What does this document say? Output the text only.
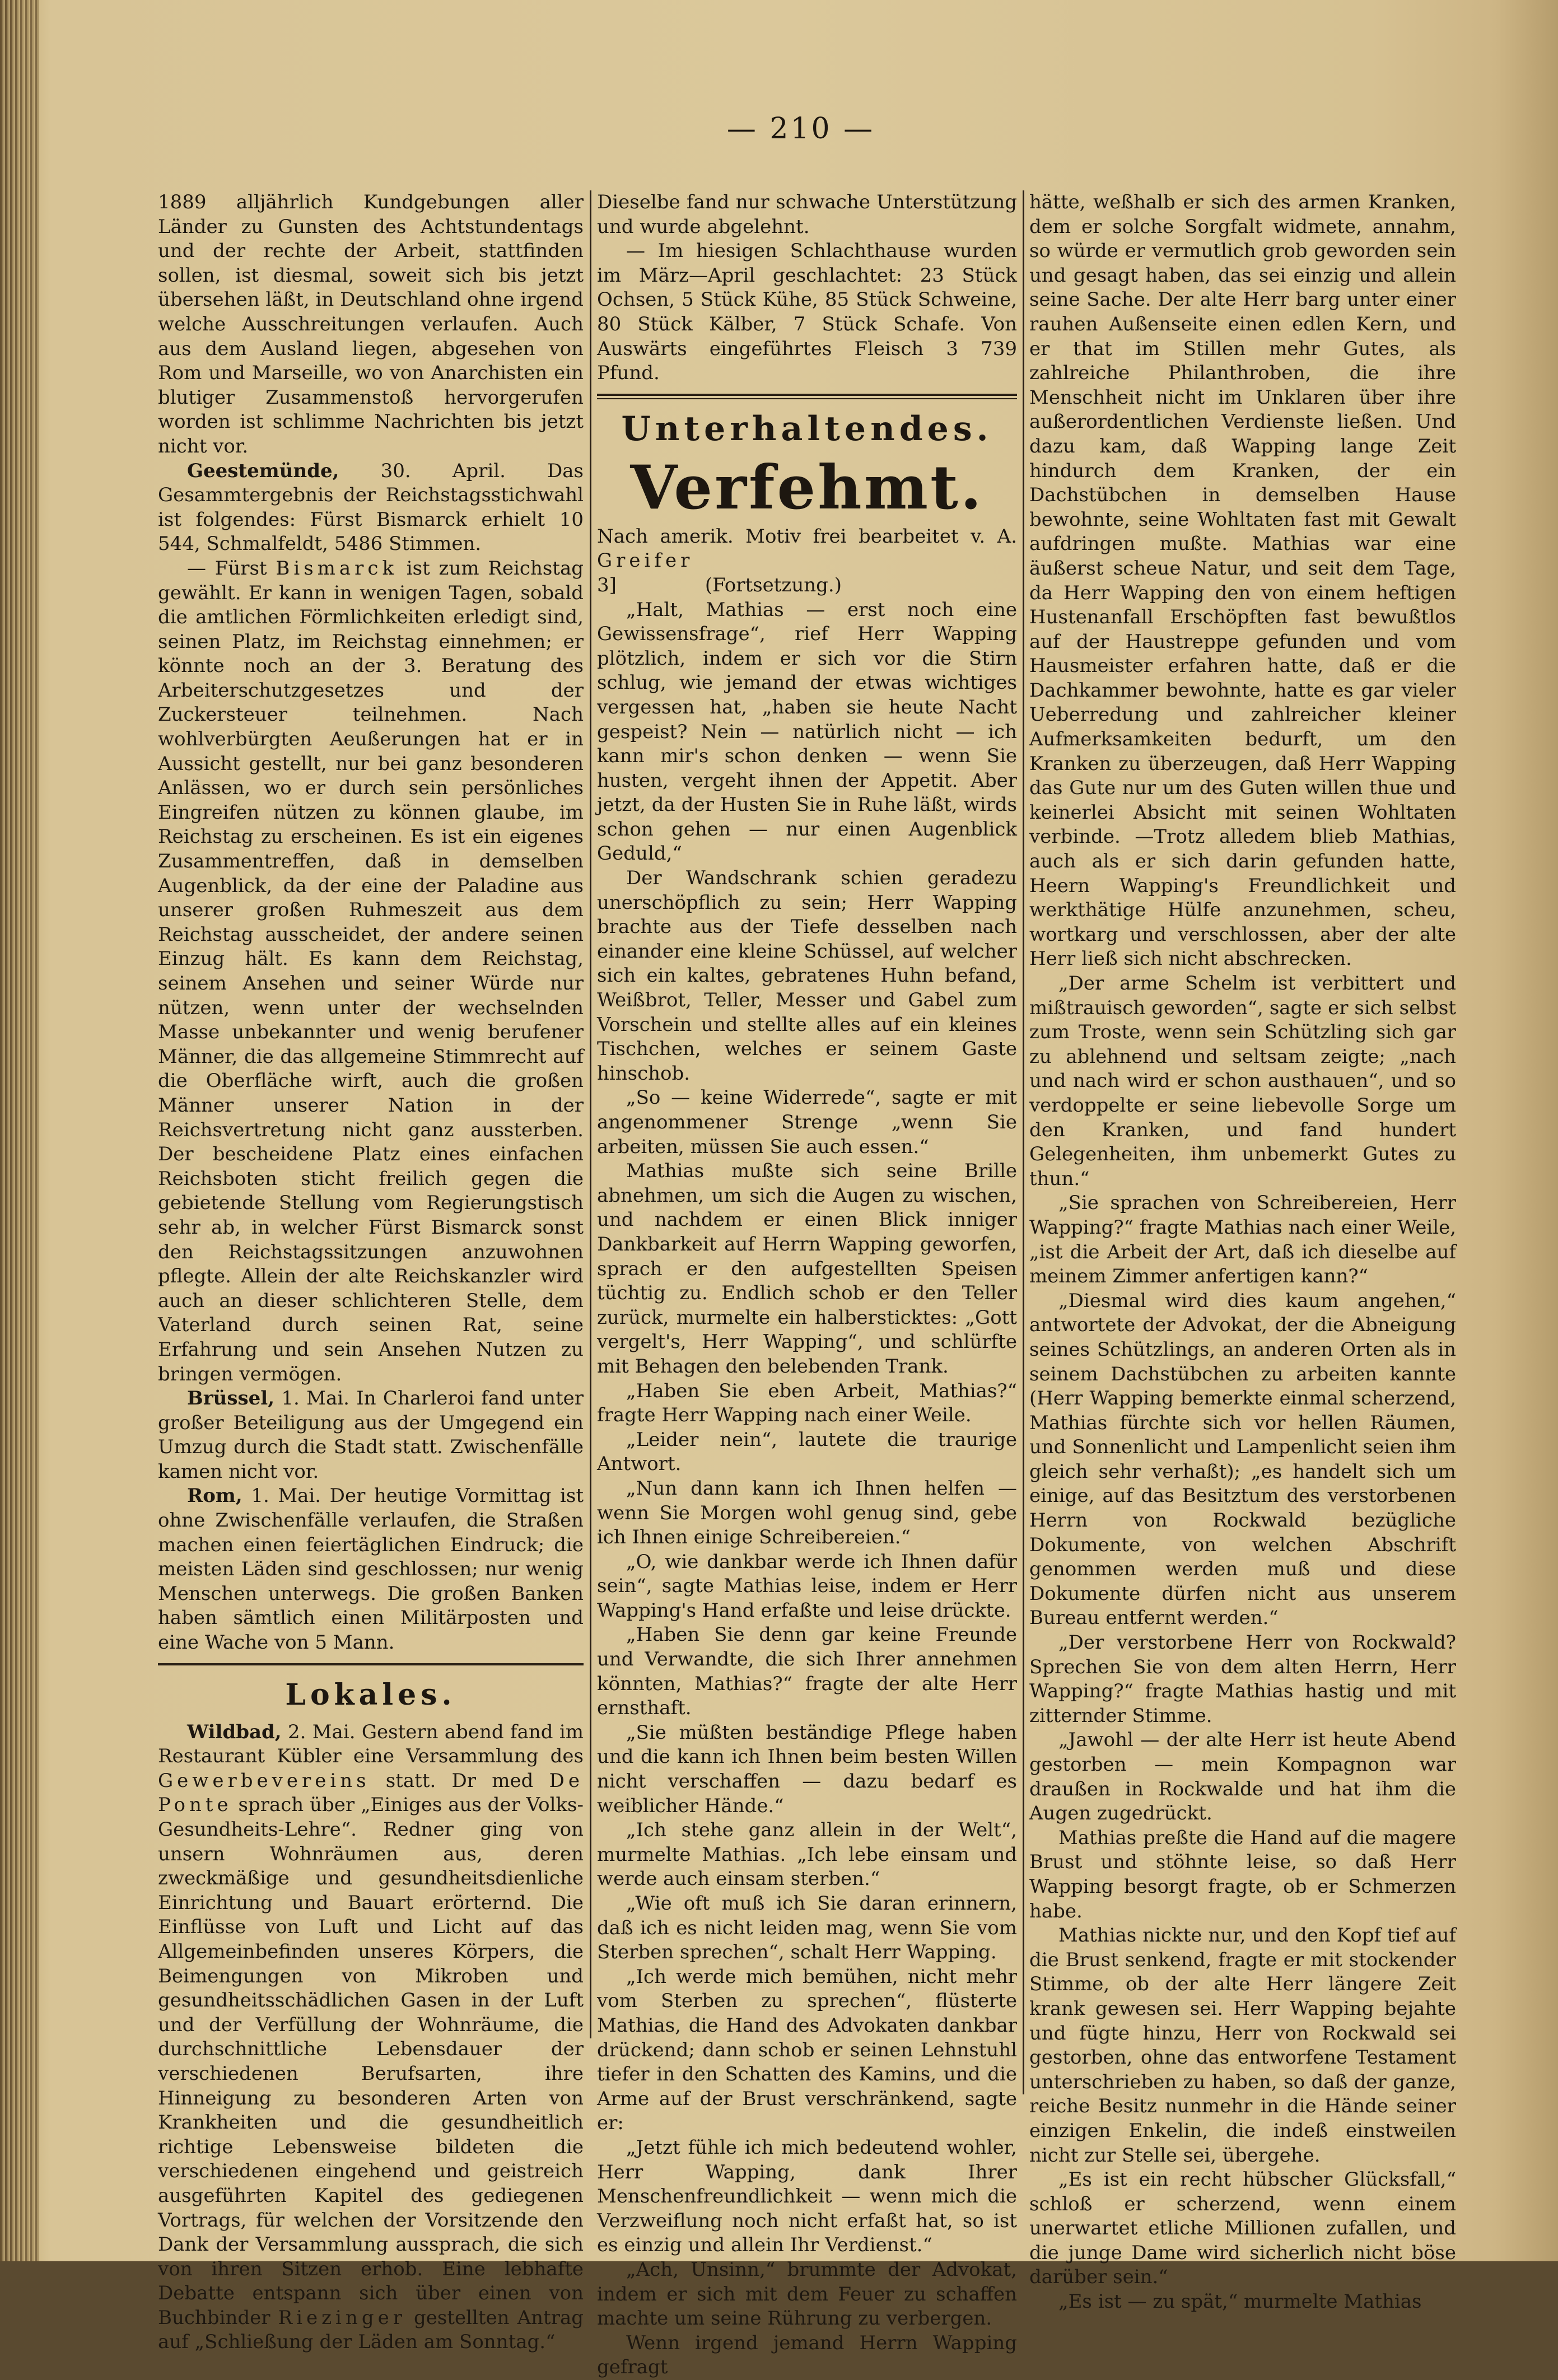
— 210 —

1889 alljährlich Kundgebungen aller Länder zu Gunsten des Achtstundentags und der rechte der Arbeit, stattfinden sollen, ist diesmal, soweit sich bis jetzt übersehen läßt, in Deutschland ohne irgend welche Ausschreitungen verlaufen. Auch aus dem Ausland liegen, abgesehen von Rom und Marseille, wo von Anarchisten ein blutiger Zusammenstoß hervorgerufen worden ist schlimme Nachrichten bis jetzt nicht vor.

Geestemünde, 30. April. Das Gesammtergebnis der Reichstagsstichwahl ist folgendes: Fürst Bismarck erhielt 10 544, Schmalfeldt, 5486 Stimmen.

— Fürst Bismarck ist zum Reichstag gewählt. Er kann in wenigen Tagen, sobald die amtlichen Förmlichkeiten erledigt sind, seinen Platz, im Reichstag einnehmen; er könnte noch an der 3. Beratung des Arbeiterschutzgesetzes und der Zuckersteuer teilnehmen. Nach wohlverbürgten Aeußerungen hat er in Aussicht gestellt, nur bei ganz besonderen Anlässen, wo er durch sein persönliches Eingreifen nützen zu können glaube, im Reichstag zu erscheinen. Es ist ein eigenes Zusammentreffen, daß in demselben Augenblick, da der eine der Paladine aus unserer großen Ruhmeszeit aus dem Reichstag ausscheidet, der andere seinen Einzug hält. Es kann dem Reichstag, seinem Ansehen und seiner Würde nur nützen, wenn unter der wechselnden Masse unbekannter und wenig berufener Männer, die das allgemeine Stimmrecht auf die Oberfläche wirft, auch die großen Männer unserer Nation in der Reichsvertretung nicht ganz aussterben. Der bescheidene Platz eines einfachen Reichsboten sticht freilich gegen die gebietende Stellung vom Regierungstisch sehr ab, in welcher Fürst Bismarck sonst den Reichstagssitzungen anzuwohnen pflegte. Allein der alte Reichskanzler wird auch an dieser schlichteren Stelle, dem Vaterland durch seinen Rat, seine Erfahrung und sein Ansehen Nutzen zu bringen vermögen.

Brüssel, 1. Mai. In Charleroi fand unter großer Beteiligung aus der Umgegend ein Umzug durch die Stadt statt. Zwischenfälle kamen nicht vor.

Rom, 1. Mai. Der heutige Vormittag ist ohne Zwischenfälle verlaufen, die Straßen machen einen feiertäglichen Eindruck; die meisten Läden sind geschlossen; nur wenig Menschen unterwegs. Die großen Banken haben sämtlich einen Militärposten und eine Wache von 5 Mann.

Lokales.

Wildbad, 2. Mai. Gestern abend fand im Restaurant Kübler eine Versammlung des Gewerbevereins statt. Dr med De Ponte sprach über „Einiges aus der Volks-Gesundheits-Lehre“. Redner ging von unsern Wohnräumen aus, deren zweckmäßige und gesundheitsdienliche Einrichtung und Bauart erörternd. Die Einflüsse von Luft und Licht auf das Allgemeinbefinden unseres Körpers, die Beimengungen von Mikroben und gesundheitsschädlichen Gasen in der Luft und der Verfüllung der Wohnräume, die durchschnittliche Lebensdauer der verschiedenen Berufsarten, ihre Hinneigung zu besonderen Arten von Krankheiten und die gesundheitlich richtige Lebensweise bildeten die verschiedenen eingehend und geistreich ausgeführten Kapitel des gediegenen Vortrags, für welchen der Vorsitzende den Dank der Versammlung aussprach, die sich von ihren Sitzen erhob. Eine lebhafte Debatte entspann sich über einen von Buchbinder Riezinger gestellten Antrag auf „Schließung der Läden am Sonntag.“

Dieselbe fand nur schwache Unterstützung und wurde abgelehnt.

— Im hiesigen Schlachthause wurden im März—April geschlachtet: 23 Stück Ochsen, 5 Stück Kühe, 85 Stück Schweine, 80 Stück Kälber, 7 Stück Schafe. Von Auswärts eingeführtes Fleisch 3 739 Pfund.

Unterhaltendes.
Verfehmt.

Nach amerik. Motiv frei bearbeitet v. A. Greifer

3]	(Fortsetzung.)

„Halt, Mathias — erst noch eine Gewissensfrage“, rief Herr Wapping plötzlich, indem er sich vor die Stirn schlug, wie jemand der etwas wichtiges vergessen hat, „haben sie heute Nacht gespeist? Nein — natürlich nicht — ich kann mir's schon denken — wenn Sie husten, vergeht ihnen der Appetit. Aber jetzt, da der Husten Sie in Ruhe läßt, wirds schon gehen — nur einen Augenblick Geduld,“

Der Wandschrank schien geradezu unerschöpflich zu sein; Herr Wapping brachte aus der Tiefe desselben nach einander eine kleine Schüssel, auf welcher sich ein kaltes, gebratenes Huhn befand, Weißbrot, Teller, Messer und Gabel zum Vorschein und stellte alles auf ein kleines Tischchen, welches er seinem Gaste hinschob.

„So — keine Widerrede“, sagte er mit angenommener Strenge „wenn Sie arbeiten, müssen Sie auch essen.“

Mathias mußte sich seine Brille abnehmen, um sich die Augen zu wischen, und nachdem er einen Blick inniger Dankbarkeit auf Herrn Wapping geworfen, sprach er den aufgestellten Speisen tüchtig zu. Endlich schob er den Teller zurück, murmelte ein halbersticktes: „Gott vergelt's, Herr Wapping“, und schlürfte mit Behagen den belebenden Trank.

„Haben Sie eben Arbeit, Mathias?“ fragte Herr Wapping nach einer Weile.

„Leider nein“, lautete die traurige Antwort.

„Nun dann kann ich Ihnen helfen — wenn Sie Morgen wohl genug sind, gebe ich Ihnen einige Schreibereien.“

„O, wie dankbar werde ich Ihnen dafür sein“, sagte Mathias leise, indem er Herr Wapping's Hand erfaßte und leise drückte.

„Haben Sie denn gar keine Freunde und Verwandte, die sich Ihrer annehmen könnten, Mathias?“ fragte der alte Herr ernsthaft.

„Sie müßten beständige Pflege haben und die kann ich Ihnen beim besten Willen nicht verschaffen — dazu bedarf es weiblicher Hände.“

„Ich stehe ganz allein in der Welt“, murmelte Mathias. „Ich lebe einsam und werde auch einsam sterben.“

„Wie oft muß ich Sie daran erinnern, daß ich es nicht leiden mag, wenn Sie vom Sterben sprechen“, schalt Herr Wapping.

„Ich werde mich bemühen, nicht mehr vom Sterben zu sprechen“, flüsterte Mathias, die Hand des Advokaten dankbar drückend; dann schob er seinen Lehnstuhl tiefer in den Schatten des Kamins, und die Arme auf der Brust verschränkend, sagte er:

„Jetzt fühle ich mich bedeutend wohler, Herr Wapping, dank Ihrer Menschenfreundlichkeit — wenn mich die Verzweiflung noch nicht erfaßt hat, so ist es einzig und allein Ihr Verdienst.“

„Ach, Unsinn,“ brummte der Advokat, indem er sich mit dem Feuer zu schaffen machte um seine Rührung zu verbergen.

Wenn irgend jemand Herrn Wapping gefragt

hätte, weßhalb er sich des armen Kranken, dem er solche Sorgfalt widmete, annahm, so würde er vermutlich grob geworden sein und gesagt haben, das sei einzig und allein seine Sache. Der alte Herr barg unter einer rauhen Außenseite einen edlen Kern, und er that im Stillen mehr Gutes, als zahlreiche Philanthroben, die ihre Menschheit nicht im Unklaren über ihre außerordentlichen Verdienste ließen. Und dazu kam, daß Wapping lange Zeit hindurch dem Kranken, der ein Dachstübchen in demselben Hause bewohnte, seine Wohltaten fast mit Gewalt aufdringen mußte. Mathias war eine äußerst scheue Natur, und seit dem Tage, da Herr Wapping den von einem heftigen Hustenanfall Erschöpften fast bewußtlos auf der Haustreppe gefunden und vom Hausmeister erfahren hatte, daß er die Dachkammer bewohnte, hatte es gar vieler Ueberredung und zahlreicher kleiner Aufmerksamkeiten bedurft, um den Kranken zu überzeugen, daß Herr Wapping das Gute nur um des Guten willen thue und keinerlei Absicht mit seinen Wohltaten verbinde. —Trotz alledem blieb Mathias, auch als er sich darin gefunden hatte, Heern Wapping's Freundlichkeit und werkthätige Hülfe anzunehmen, scheu, wortkarg und verschlossen, aber der alte Herr ließ sich nicht abschrecken.

„Der arme Schelm ist verbittert und mißtrauisch geworden“, sagte er sich selbst zum Troste, wenn sein Schützling sich gar zu ablehnend und seltsam zeigte; „nach und nach wird er schon austhauen“, und so verdoppelte er seine liebevolle Sorge um den Kranken, und fand hundert Gelegenheiten, ihm unbemerkt Gutes zu thun.“

„Sie sprachen von Schreibereien, Herr Wapping?“ fragte Mathias nach einer Weile, „ist die Arbeit der Art, daß ich dieselbe auf meinem Zimmer anfertigen kann?“

„Diesmal wird dies kaum angehen,“ antwortete der Advokat, der die Abneigung seines Schützlings, an anderen Orten als in seinem Dachstübchen zu arbeiten kannte (Herr Wapping bemerkte einmal scherzend, Mathias fürchte sich vor hellen Räumen, und Sonnenlicht und Lampenlicht seien ihm gleich sehr verhaßt); „es handelt sich um einige, auf das Besitztum des verstorbenen Herrn von Rockwald bezügliche Dokumente, von welchen Abschrift genommen werden muß und diese Dokumente dürfen nicht aus unserem Bureau entfernt werden.“

„Der verstorbene Herr von Rockwald? Sprechen Sie von dem alten Herrn, Herr Wapping?“ fragte Mathias hastig und mit zitternder Stimme.

„Jawohl — der alte Herr ist heute Abend gestorben — mein Kompagnon war draußen in Rockwalde und hat ihm die Augen zugedrückt.

Mathias preßte die Hand auf die magere Brust und stöhnte leise, so daß Herr Wapping besorgt fragte, ob er Schmerzen habe.

Mathias nickte nur, und den Kopf tief auf die Brust senkend, fragte er mit stockender Stimme, ob der alte Herr längere Zeit krank gewesen sei. Herr Wapping bejahte und fügte hinzu, Herr von Rockwald sei gestorben, ohne das entworfene Testament unterschrieben zu haben, so daß der ganze, reiche Besitz nunmehr in die Hände seiner einzigen Enkelin, die indeß einstweilen nicht zur Stelle sei, übergehe.

„Es ist ein recht hübscher Glücksfall,“ schloß er scherzend, wenn einem unerwartet etliche Millionen zufallen, und die junge Dame wird sicherlich nicht böse darüber sein.“

„Es ist — zu spät,“ murmelte Mathias
